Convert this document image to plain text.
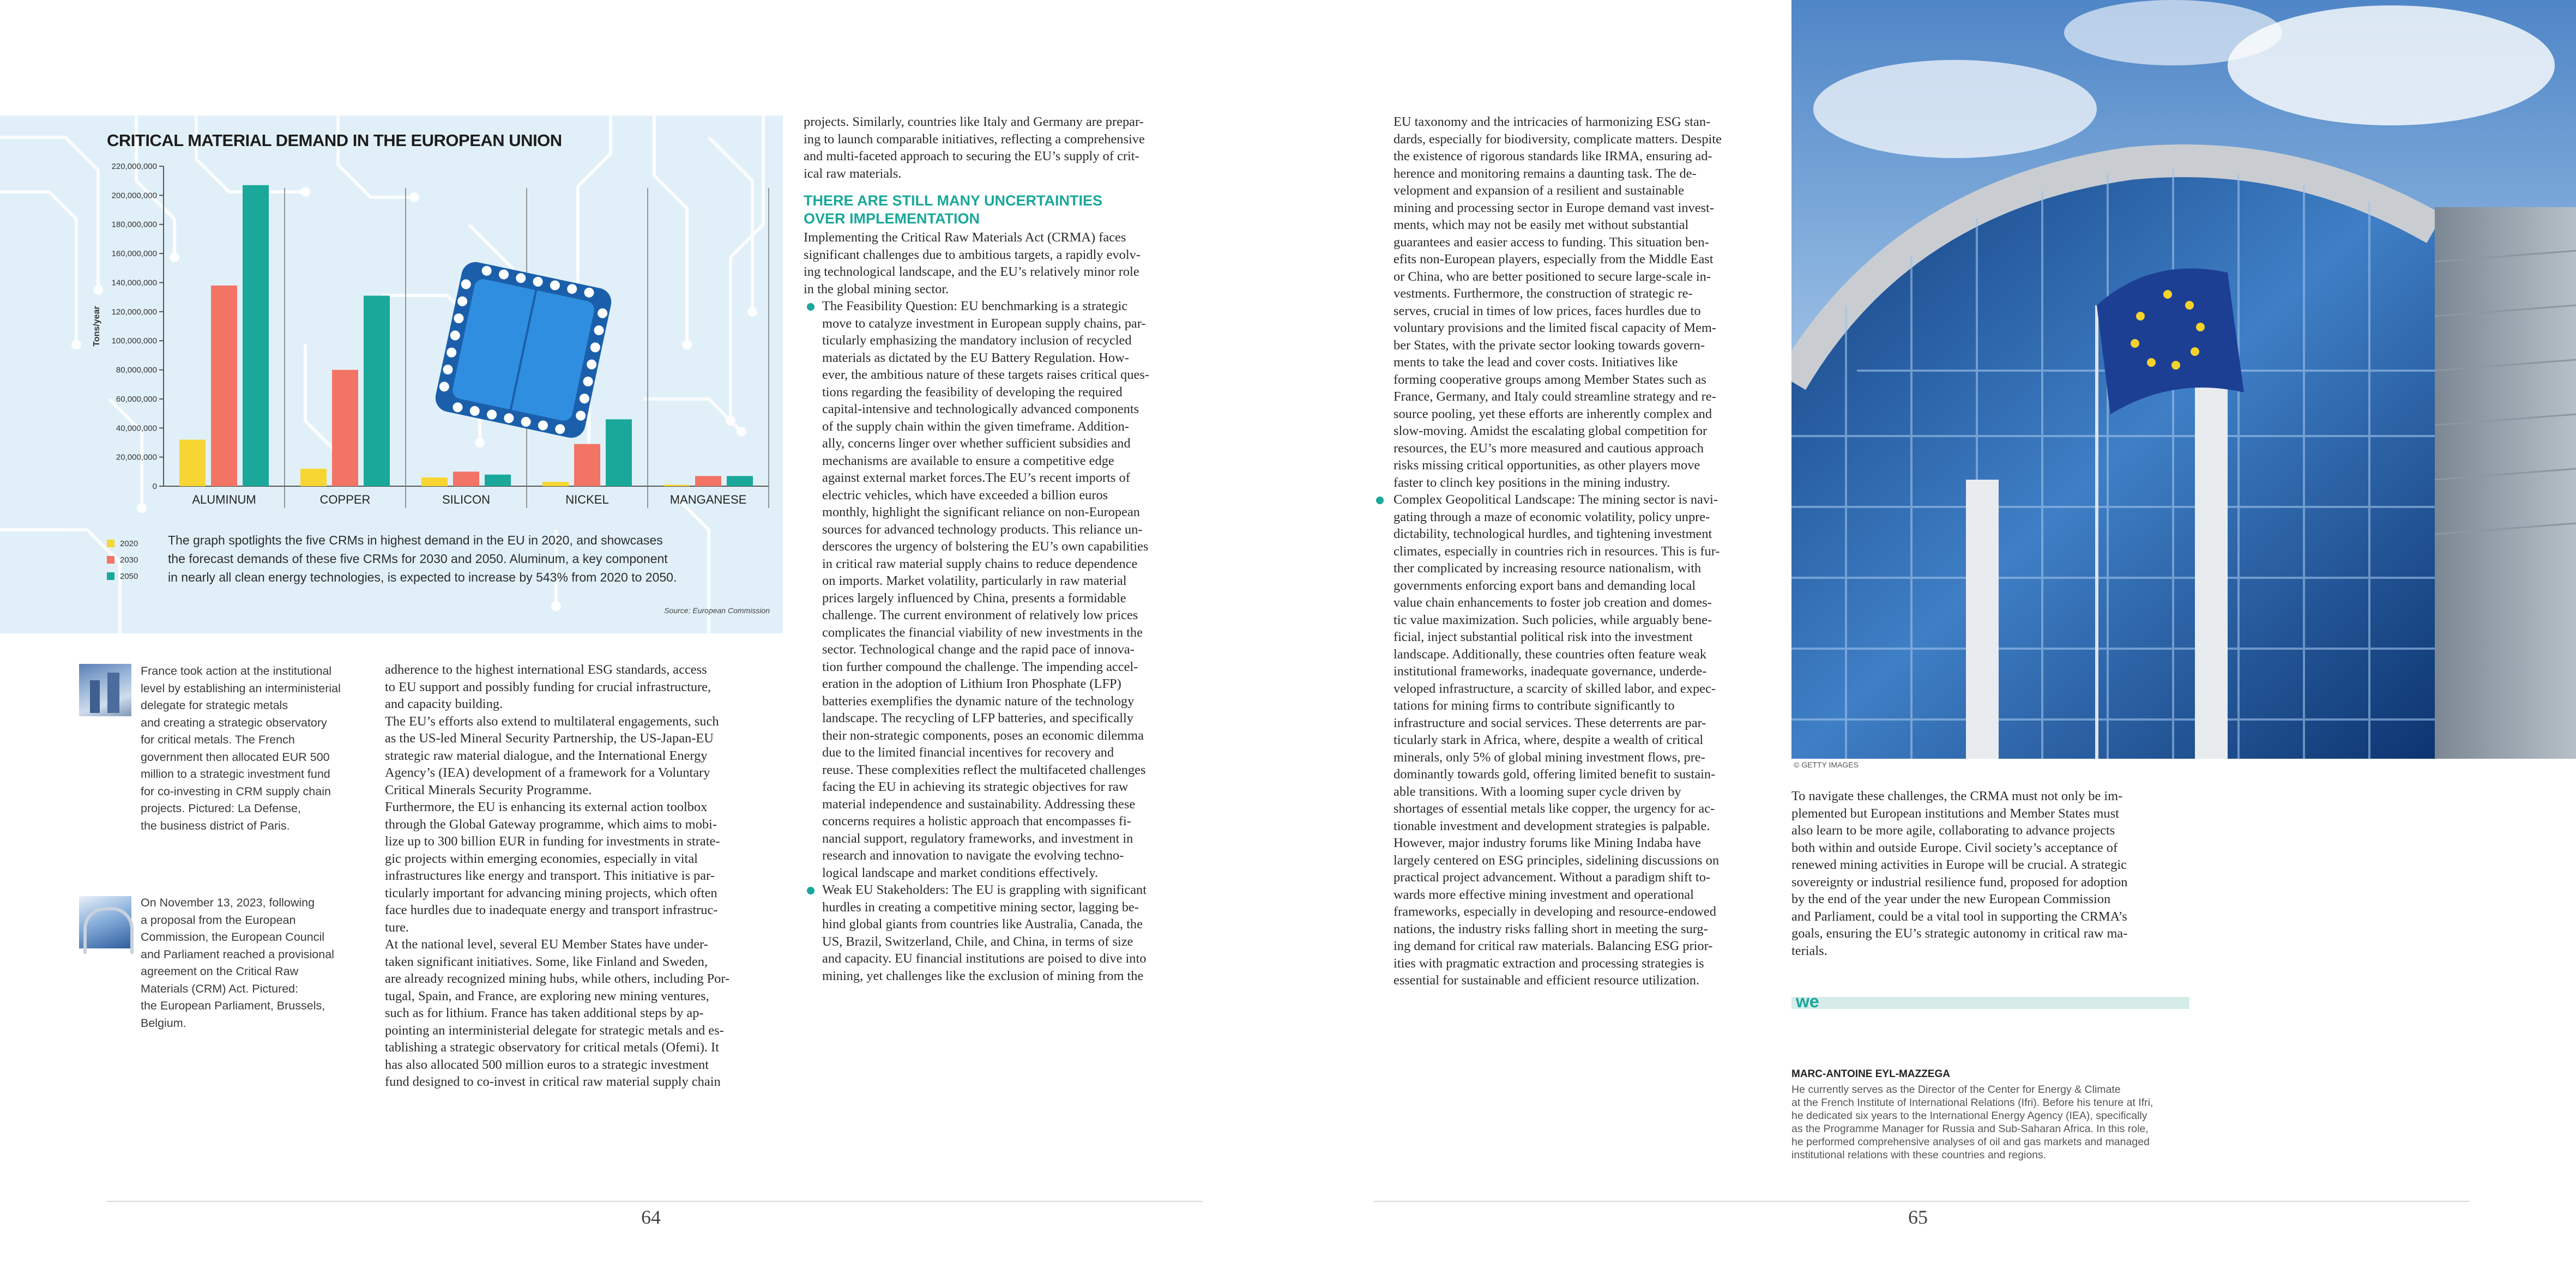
CRITICAL MATERIAL DEMAND IN THE EUROPEAN UNION
0
20,000,000
40,000,000
60,000,000
80,000,000
100,000,000
120,000,000
140,000,000
160,000,000
180,000,000
200,000,000
220,000,000
Tons/year
ALUMINUM	COPPER	SILICON	NICKEL	MANGANESE
2020
2030
2050
The graph spotlights the five CRMs in highest demand in the EU in 2020, and showcases
the forecast demands of these five CRMs for 2030 and 2050. Aluminum, a key component
in nearly all clean energy technologies, is expected to increase by 543% from 2020 to 2050.
Source: European Commission
France took action at the institutional
level by establishing an interministerial
delegate for strategic metals
and creating a strategic observatory
for critical metals. The French
government then allocated EUR 500
million to a strategic investment fund
for co-investing in CRM supply chain
projects. Pictured: La Defense,
the business district of Paris.
On November 13, 2023, following
a proposal from the European
Commission, the European Council
and Parliament reached a provisional
agreement on the Critical Raw
Materials (CRM) Act. Pictured:
the European Parliament, Brussels,
Belgium.
adherence to the highest international ESG standards, access
to EU support and possibly funding for crucial infrastructure,
and capacity building.
The EU’s efforts also extend to multilateral engagements, such
as the US-led Mineral Security Partnership, the US-Japan-EU
strategic raw material dialogue, and the International Energy
Agency’s (IEA) development of a framework for a Voluntary
Critical Minerals Security Programme.
Furthermore, the EU is enhancing its external action toolbox
through the Global Gateway programme, which aims to mobi-
lize up to 300 billion EUR in funding for investments in strate-
gic projects within emerging economies, especially in vital
infrastructures like energy and transport. This initiative is par-
ticularly important for advancing mining projects, which often
face hurdles due to inadequate energy and transport infrastruc-
ture.
At the national level, several EU Member States have under-
taken significant initiatives. Some, like Finland and Sweden,
are already recognized mining hubs, while others, including Por-
tugal, Spain, and France, are exploring new mining ventures,
such as for lithium. France has taken additional steps by ap-
pointing an interministerial delegate for strategic metals and es-
tablishing a strategic observatory for critical metals (Ofemi). It
has also allocated 500 million euros to a strategic investment
fund designed to co-invest in critical raw material supply chain
projects. Similarly, countries like Italy and Germany are prepar-
ing to launch comparable initiatives, reflecting a comprehensive
and multi-faceted approach to securing the EU’s supply of crit-
ical raw materials.
THERE ARE STILL MANY UNCERTAINTIES
OVER IMPLEMENTATION
Implementing the Critical Raw Materials Act (CRMA) faces
significant challenges due to ambitious targets, a rapidly evolv-
ing technological landscape, and the EU’s relatively minor role
in the global mining sector.
The Feasibility Question: EU benchmarking is a strategic
move to catalyze investment in European supply chains, par-
ticularly emphasizing the mandatory inclusion of recycled
materials as dictated by the EU Battery Regulation. How-
ever, the ambitious nature of these targets raises critical ques-
tions regarding the feasibility of developing the required
capital-intensive and technologically advanced components
of the supply chain within the given timeframe. Addition-
ally, concerns linger over whether sufficient subsidies and
mechanisms are available to ensure a competitive edge
against external market forces.The EU’s recent imports of
electric vehicles, which have exceeded a billion euros
monthly, highlight the significant reliance on non-European
sources for advanced technology products. This reliance un-
derscores the urgency of bolstering the EU’s own capabilities
in critical raw material supply chains to reduce dependence
on imports. Market volatility, particularly in raw material
prices largely influenced by China, presents a formidable
challenge. The current environment of relatively low prices
complicates the financial viability of new investments in the
sector. Technological change and the rapid pace of innova-
tion further compound the challenge. The impending accel-
eration in the adoption of Lithium Iron Phosphate (LFP)
batteries exemplifies the dynamic nature of the technology
landscape. The recycling of LFP batteries, and specifically
their non-strategic components, poses an economic dilemma
due to the limited financial incentives for recovery and
reuse. These complexities reflect the multifaceted challenges
facing the EU in achieving its strategic objectives for raw
material independence and sustainability. Addressing these
concerns requires a holistic approach that encompasses fi-
nancial support, regulatory frameworks, and investment in
research and innovation to navigate the evolving techno-
logical landscape and market conditions effectively.
Weak EU Stakeholders: The EU is grappling with significant
hurdles in creating a competitive mining sector, lagging be-
hind global giants from countries like Australia, Canada, the
US, Brazil, Switzerland, Chile, and China, in terms of size
and capacity. EU financial institutions are poised to dive into
mining, yet challenges like the exclusion of mining from the
64
EU taxonomy and the intricacies of harmonizing ESG stan-
dards, especially for biodiversity, complicate matters. Despite
the existence of rigorous standards like IRMA, ensuring ad-
herence and monitoring remains a daunting task. The de-
velopment and expansion of a resilient and sustainable
mining and processing sector in Europe demand vast invest-
ments, which may not be easily met without substantial
guarantees and easier access to funding. This situation ben-
efits non-European players, especially from the Middle East
or China, who are better positioned to secure large-scale in-
vestments. Furthermore, the construction of strategic re-
serves, crucial in times of low prices, faces hurdles due to
voluntary provisions and the limited fiscal capacity of Mem-
ber States, with the private sector looking towards govern-
ments to take the lead and cover costs. Initiatives like
forming cooperative groups among Member States such as
France, Germany, and Italy could streamline strategy and re-
source pooling, yet these efforts are inherently complex and
slow-moving. Amidst the escalating global competition for
resources, the EU’s more measured and cautious approach
risks missing critical opportunities, as other players move
faster to clinch key positions in the mining industry.
Complex Geopolitical Landscape: The mining sector is navi-
gating through a maze of economic volatility, policy unpre-
dictability, technological hurdles, and tightening investment
climates, especially in countries rich in resources. This is fur-
ther complicated by increasing resource nationalism, with
governments enforcing export bans and demanding local
value chain enhancements to foster job creation and domes-
tic value maximization. Such policies, while arguably bene-
ficial, inject substantial political risk into the investment
landscape. Additionally, these countries often feature weak
institutional frameworks, inadequate governance, underde-
veloped infrastructure, a scarcity of skilled labor, and expec-
tations for mining firms to contribute significantly to
infrastructure and social services. These deterrents are par-
ticularly stark in Africa, where, despite a wealth of critical
minerals, only 5% of global mining investment flows, pre-
dominantly towards gold, offering limited benefit to sustain-
able transitions. With a looming super cycle driven by
shortages of essential metals like copper, the urgency for ac-
tionable investment and development strategies is palpable.
However, major industry forums like Mining Indaba have
largely centered on ESG principles, sidelining discussions on
practical project advancement. Without a paradigm shift to-
wards more effective mining investment and operational
frameworks, especially in developing and resource-endowed
nations, the industry risks falling short in meeting the surg-
ing demand for critical raw materials. Balancing ESG prior-
ities with pragmatic extraction and processing strategies is
essential for sustainable and efficient resource utilization.
© GETTY IMAGES
To navigate these challenges, the CRMA must not only be im-
plemented but European institutions and Member States must
also learn to be more agile, collaborating to advance projects
both within and outside Europe. Civil society’s acceptance of
renewed mining activities in Europe will be crucial. A strategic
sovereignty or industrial resilience fund, proposed for adoption
by the end of the year under the new European Commission
and Parliament, could be a vital tool in supporting the CRMA’s
goals, ensuring the EU’s strategic autonomy in critical raw ma-
terials.
we
MARC-ANTOINE EYL-MAZZEGA
He currently serves as the Director of the Center for Energy & Climate
at the French Institute of International Relations (Ifri). Before his tenure at Ifri,
he dedicated six years to the International Energy Agency (IEA), specifically
as the Programme Manager for Russia and Sub-Saharan Africa. In this role,
he performed comprehensive analyses of oil and gas markets and managed
institutional relations with these countries and regions.
65
